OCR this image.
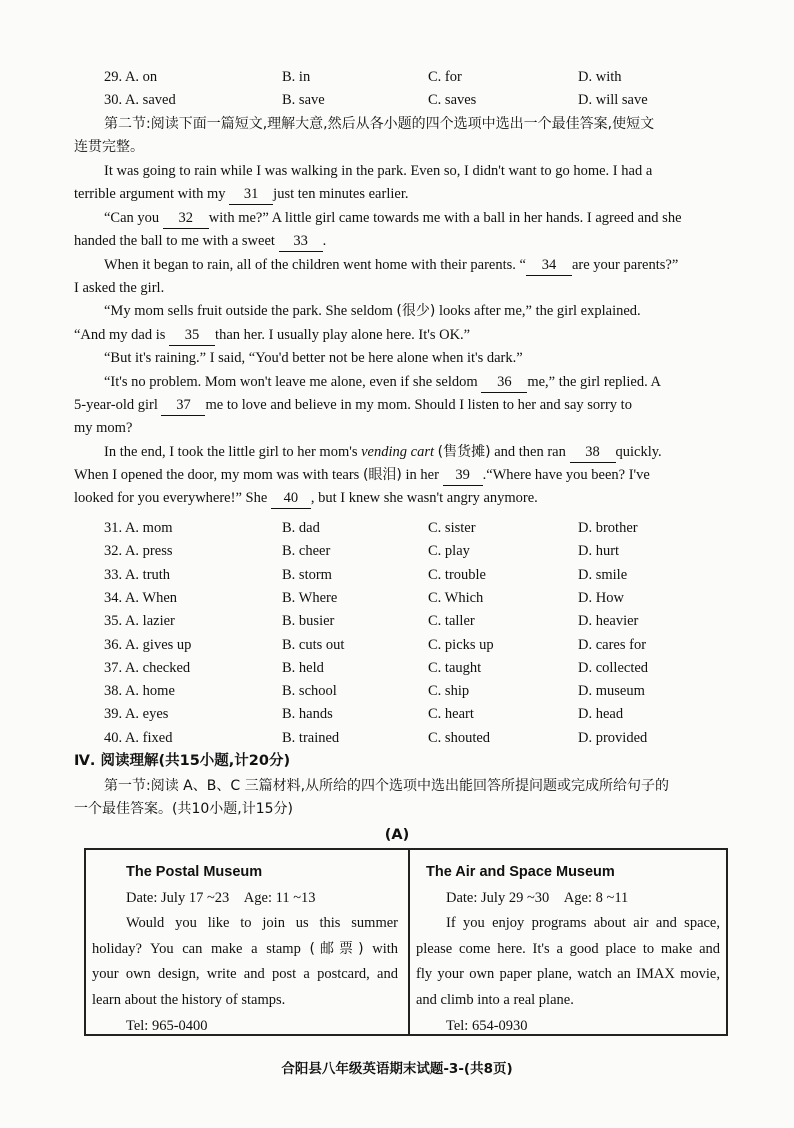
29. A. on	B. in	C. for	D. with
30. A. saved	B. save	C. saves	D. will save
第二节:阅读下面一篇短文,理解大意,然后从各小题的四个选项中选出一个最佳答案,使短文
连贯完整。
It was going to rain while I was walking in the park. Even so, I didn't want to go home. I had a
terrible argument with my 31 just ten minutes earlier.
“Can you 32 with me?” A little girl came towards me with a ball in her hands. I agreed and she
handed the ball to me with a sweet 33 .
When it began to rain, all of the children went home with their parents. “ 34 are your parents?”
I asked the girl.
“My mom sells fruit outside the park. She seldom (很少) looks after me,” the girl explained.
“And my dad is 35 than her. I usually play alone here. It's OK.”
“But it's raining.” I said, “You'd better not be here alone when it's dark.”
“It's no problem. Mom won't leave me alone, even if she seldom 36 me,” the girl replied. A
5-year-old girl 37 me to love and believe in my mom. Should I listen to her and say sorry to
my mom?
In the end, I took the little girl to her mom's vending cart (售货摊) and then ran 38 quickly.
When I opened the door, my mom was with tears (眼泪) in her 39 .“Where have you been? I've
looked for you everywhere!” She 40 , but I knew she wasn't angry anymore.
31. A. mom	B. dad	C. sister	D. brother
32. A. press	B. cheer	C. play	D. hurt
33. A. truth	B. storm	C. trouble	D. smile
34. A. When	B. Where	C. Which	D. How
35. A. lazier	B. busier	C. taller	D. heavier
36. A. gives up	B. cuts out	C. picks up	D. cares for
37. A. checked	B. held	C. taught	D. collected
38. A. home	B. school	C. ship	D. museum
39. A. eyes	B. hands	C. heart	D. head
40. A. fixed	B. trained	C. shouted	D. provided
Ⅳ. 阅读理解(共15小题,计20分)
第一节:阅读 A、B、C 三篇材料,从所给的四个选项中选出能回答所提问题或完成所给句子的
一个最佳答案。(共10小题,计15分)
(A)
The Postal Museum
Date: July 17 ~23 Age: 11 ~13
Would you like to join us this summer
holiday? You can make a stamp (邮票) with
your own design, write and post a postcard, and
learn about the history of stamps.
Tel: 965-0400
The Air and Space Museum
Date: July 29 ~30 Age: 8 ~11
If you enjoy programs about air and space,
please come here. It's a good place to make and
fly your own paper plane, watch an IMAX movie,
and climb into a real plane.
Tel: 654-0930
合阳县八年级英语期末试题-3-(共8页)
